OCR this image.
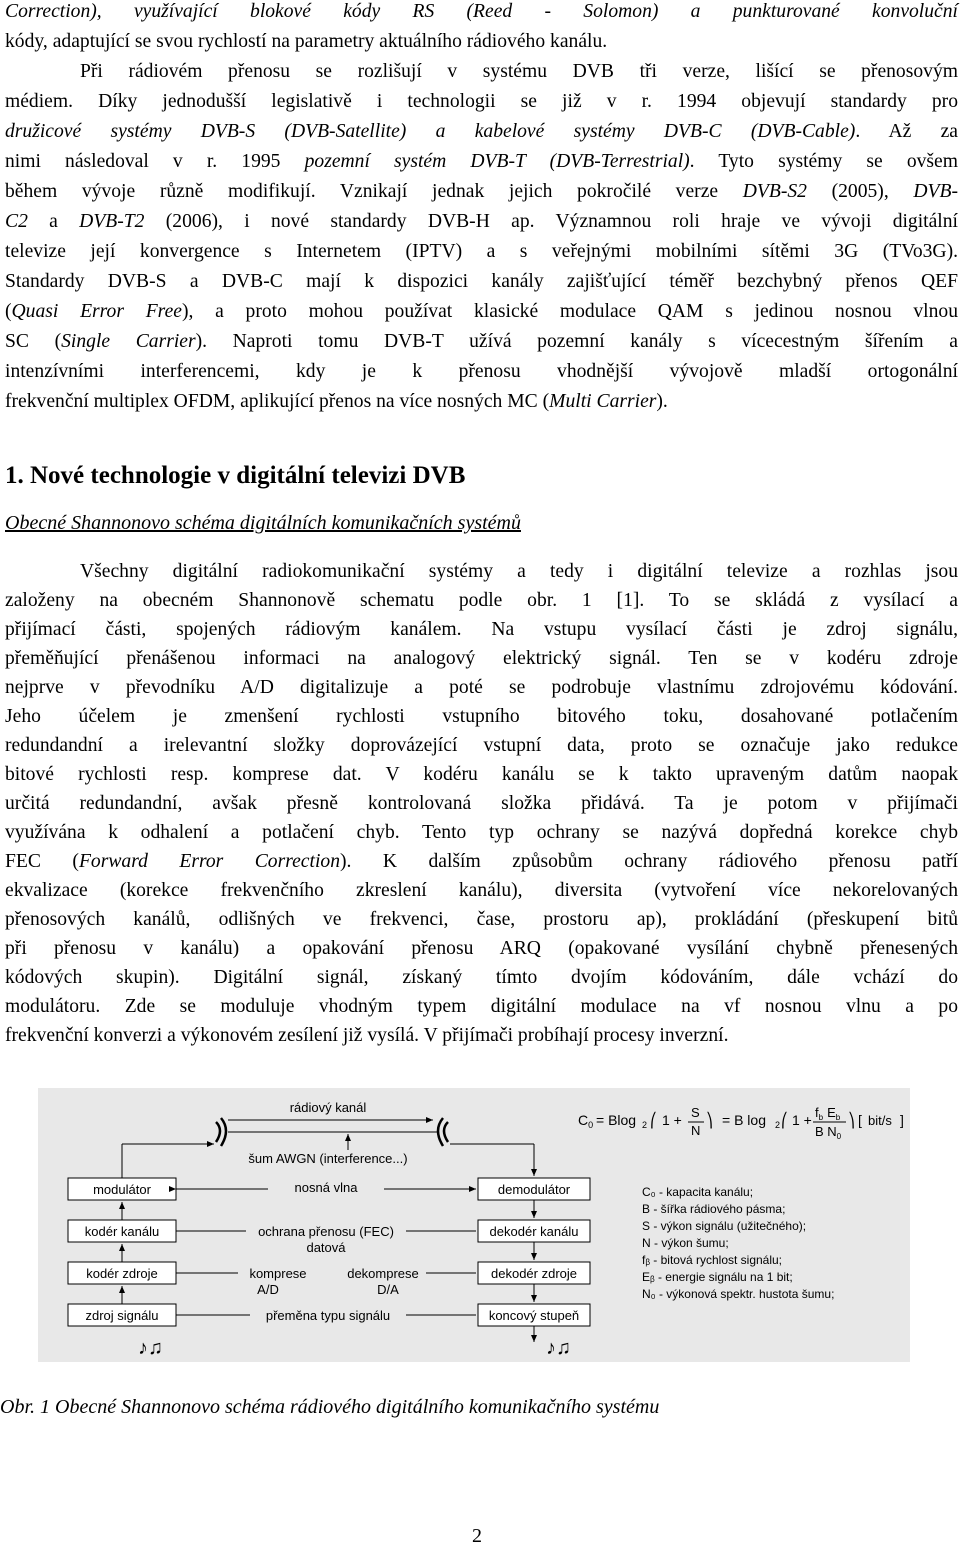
Correction), využívající blokové kódy RS (Reed - Solomon) a punkturované konvoluční
kódy, adaptující se svou rychlostí na parametry aktuálního rádiového kanálu.
Při rádiovém přenosu se rozlišují v systému DVB tři verze, lišící se přenosovým
médiem. Díky jednodušší legislativě i technologii se již v r. 1994 objevují standardy pro
družicové systémy DVB-S (DVB-Satellite) a kabelové systémy DVB-C (DVB-Cable). Až za
nimi následoval v r. 1995 pozemní systém DVB-T (DVB-Terrestrial). Tyto systémy se ovšem
během vývoje různě modifikují. Vznikají jednak jejich pokročilé verze DVB-S2 (2005), DVB-
C2 a DVB-T2 (2006), i nové standardy DVB-H ap. Významnou roli hraje ve vývoji digitální
televize její konvergence s Internetem (IPTV) a s veřejnými mobilními sítěmi 3G (TVo3G).
Standardy DVB-S a DVB-C mají k dispozici kanály zajišťující téměř bezchybný přenos QEF
(Quasi Error Free), a proto mohou používat klasické modulace QAM s jedinou nosnou vlnou
SC (Single Carrier). Naproti tomu DVB-T užívá pozemní kanály s vícecestným šířením a
intenzívními interferencemi, kdy je k přenosu vhodnější vývojově mladší ortogonální
frekvenční multiplex OFDM, aplikující přenos na více nosných MC (Multi Carrier).
1. Nové technologie v digitální televizi DVB
Obecné Shannonovo schéma digitálních komunikačních systémů
Všechny digitální radiokomunikační systémy a tedy i digitální televize a rozhlas jsou
založeny na obecném Shannonově schematu podle obr. 1 [1]. To se skládá z vysílací a
přijímací části, spojených rádiovým kanálem. Na vstupu vysílací části je zdroj signálu,
přeměňující přenášenou informaci na analogový elektrický signál. Ten se v kodéru zdroje
nejprve v převodníku A/D digitalizuje a poté se podrobuje vlastnímu zdrojovému kódování.
Jeho účelem je zmenšení rychlosti vstupního bitového toku, dosahované potlačením
redundandní a irelevantní složky doprovázející vstupní data, proto se označuje jako redukce
bitové rychlosti resp. komprese dat. V kodéru kanálu se k takto upraveným datům naopak
určitá redundandní, avšak přesně kontrolovaná složka přidává. Ta je potom v přijímači
využívána k odhalení a potlačení chyb. Tento typ ochrany se nazývá dopředná korekce chyb
FEC (Forward Error Correction). K dalším způsobům ochrany rádiového přenosu patří
ekvalizace (korekce frekvenčního zkreslení kanálu), diversita (vytvoření více nekorelovaných
přenosových kanálů, odlišných ve frekvenci, čase, prostoru ap), prokládání (přeskupení bitů
při přenosu v kanálu) a opakování přenosu ARQ (opakované vysílání chybně přenesených
kódových skupin). Digitální signál, získaný tímto dvojím kódováním, dále vchází do
modulátoru. Zde se moduluje vhodným typem digitální modulace na vf nosnou vlnu a po
frekvenční konverzi a výkonovém zesílení již vysílá. V přijímači probíhají procesy inverzní.
rádiový kanál
šum AWGN (interference...)
$C_0 = Blog$ 2 ⎛ 1 + S
N
⎞ = B log 2 ⎛ $1 + f_b$ $E_b$
B $N_0$
⎞ [ bit/s ]
modulátor
kodér kanálu
kodér zdroje
zdroj signálu
demodulátor
dekodér kanálu
dekodér zdroje
koncový stupeň
nosná vlna
ochrana přenosu (FEC)
datová
komprese
A/D
dekomprese
D/A
přeměna typu signálu
♪♫	♪♫
C₀ - kapacita kanálu;
B - šířka rádiového pásma;
S - výkon signálu (užitečného);
N - výkon šumu;
fᵦ - bitová rychlost signálu;
Eᵦ - energie signálu na 1 bit;
N₀ - výkonová spektr. hustota šumu;
Obr. 1 Obecné Shannonovo schéma rádiového digitálního komunikačního systému
2
